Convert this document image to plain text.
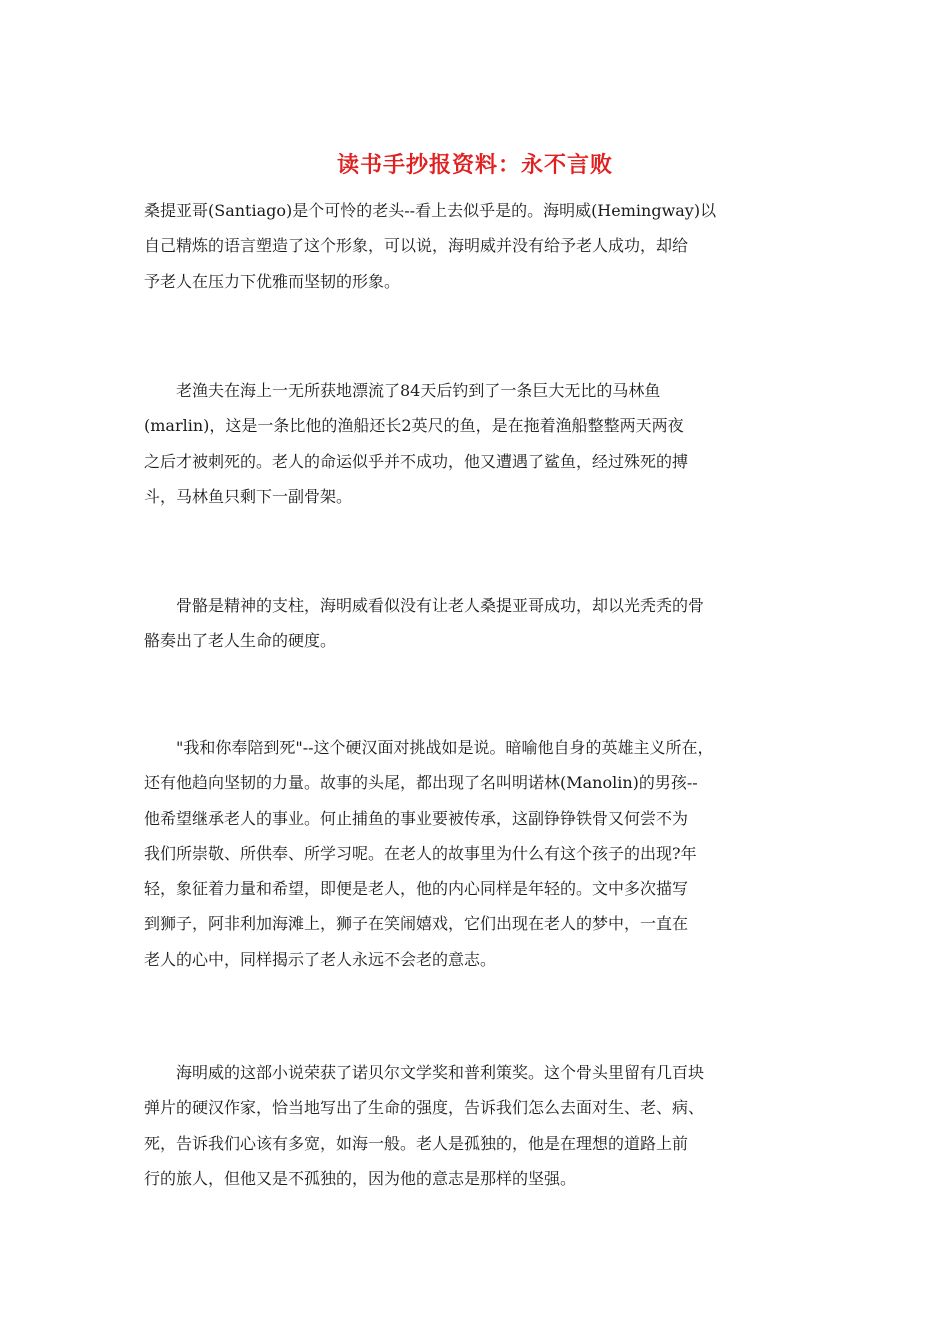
读书手抄报资料：永不言败
桑提亚哥(Santiago)是个可怜的老头--看上去似乎是的。海明威(Hemingway)以
自己精炼的语言塑造了这个形象，可以说，海明威并没有给予老人成功，却给
予老人在压力下优雅而坚韧的形象。
　　老渔夫在海上一无所获地漂流了84天后钓到了一条巨大无比的马林鱼
(marlin)，这是一条比他的渔船还长2英尺的鱼，是在拖着渔船整整两天两夜
之后才被刺死的。老人的命运似乎并不成功，他又遭遇了鲨鱼，经过殊死的搏
斗，马林鱼只剩下一副骨架。
　　骨骼是精神的支柱，海明威看似没有让老人桑提亚哥成功，却以光秃秃的骨
骼奏出了老人生命的硬度。
　　"我和你奉陪到死"--这个硬汉面对挑战如是说。暗喻他自身的英雄主义所在，
还有他趋向坚韧的力量。故事的头尾，都出现了名叫明诺林(Manolin)的男孩--
他希望继承老人的事业。何止捕鱼的事业要被传承，这副铮铮铁骨又何尝不为
我们所崇敬、所供奉、所学习呢。在老人的故事里为什么有这个孩子的出现?年
轻，象征着力量和希望，即便是老人，他的内心同样是年轻的。文中多次描写
到狮子，阿非利加海滩上，狮子在笑闹嬉戏，它们出现在老人的梦中，一直在
老人的心中，同样揭示了老人永远不会老的意志。
　　海明威的这部小说荣获了诺贝尔文学奖和普利策奖。这个骨头里留有几百块
弹片的硬汉作家，恰当地写出了生命的强度，告诉我们怎么去面对生、老、病、
死，告诉我们心该有多宽，如海一般。老人是孤独的，他是在理想的道路上前
行的旅人，但他又是不孤独的，因为他的意志是那样的坚强。
